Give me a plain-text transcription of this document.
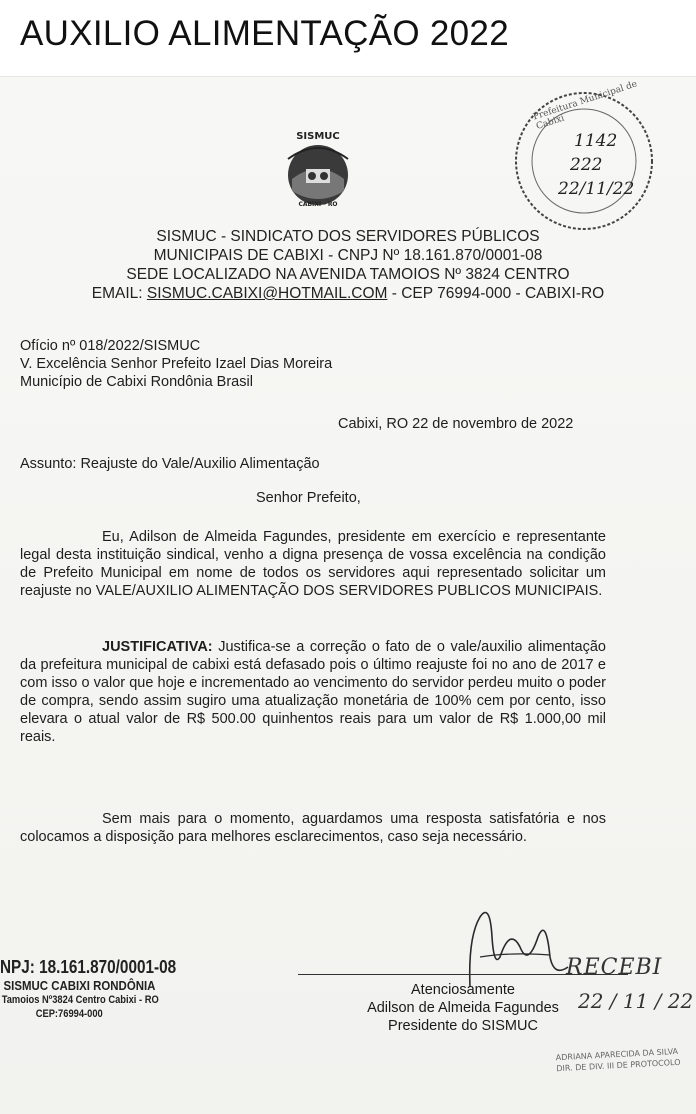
AUXILIO ALIMENTAÇÃO 2022
SISMUC
CABIXI - RO
Prefeitura Municipal de Cabixi
1142
222
22/11/22
SISMUC - SINDICATO DOS SERVIDORES PÚBLICOS
MUNICIPAIS DE CABIXI - CNPJ Nº 18.161.870/0001-08
SEDE LOCALIZADO NA AVENIDA TAMOIOS Nº 3824 CENTRO
EMAIL: SISMUC.CABIXI@HOTMAIL.COM - CEP 76994-000 - CABIXI-RO
Ofício nº 018/2022/SISMUC
V. Excelência Senhor Prefeito Izael Dias Moreira
Município de Cabixi Rondônia Brasil
Cabixi, RO 22 de novembro de 2022
Assunto: Reajuste do Vale/Auxilio Alimentação
Senhor Prefeito,
Eu, Adilson de Almeida Fagundes, presidente em exercício e representante legal desta instituição sindical, venho a digna presença de vossa excelência na condição de Prefeito Municipal em nome de todos os servidores aqui representado solicitar um reajuste no VALE/AUXILIO ALIMENTAÇÃO DOS SERVIDORES PUBLICOS MUNICIPAIS.
JUSTIFICATIVA: Justifica-se a correção o fato de o vale/auxilio alimentação da prefeitura municipal de cabixi está defasado pois o último reajuste foi no ano de 2017 e com isso o valor que hoje e incrementado ao vencimento do servidor perdeu muito o poder de compra, sendo assim sugiro uma atualização monetária de 100% cem por cento, isso elevara o atual valor de R$ 500.00 quinhentos reais para um valor de R$ 1.000,00 mil reais.
Sem mais para o momento, aguardamos uma resposta satisfatória e nos colocamos a disposição para melhores esclarecimentos, caso seja necessário.
NPJ: 18.161.870/0001-08
SISMUC CABIXI RONDÔNIA
Tamoios Nº3824 Centro Cabixi - RO
CEP:76994-000
Atenciosamente
Adilson de Almeida Fagundes
Presidente do SISMUC
RECEBI
22 / 11 / 22
ADRIANA APARECIDA DA SILVA
DIR. DE DIV. III DE PROTOCOLO
